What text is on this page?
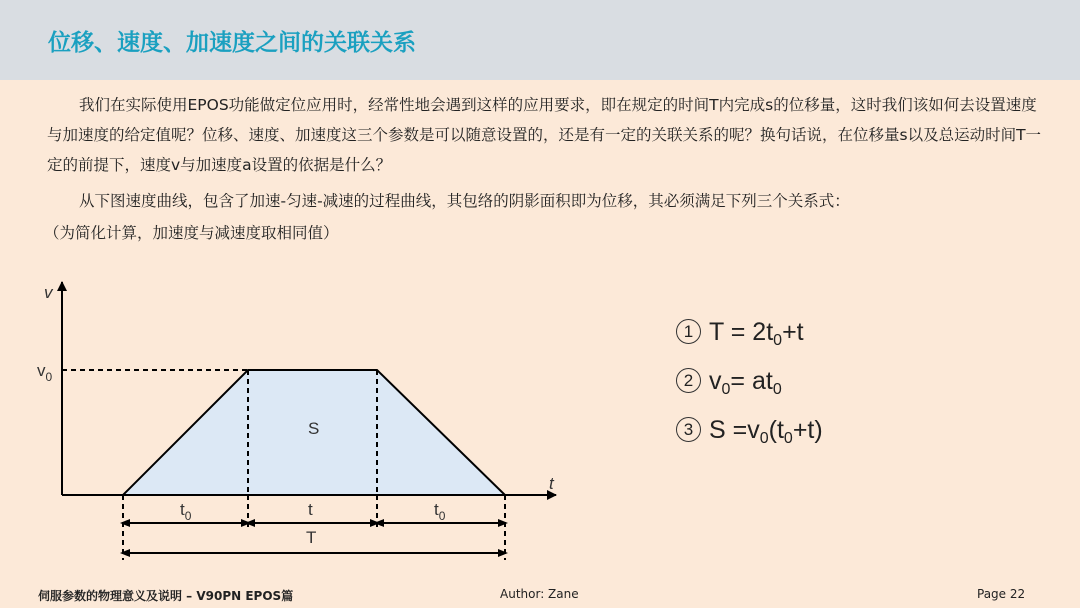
位移、速度、加速度之间的关联关系
我们在实际使用EPOS功能做定位应用时，经常性地会遇到这样的应用要求，即在规定的时间T内完成s的位移量，这时我们该如何去设置速度与加速度的给定值呢？位移、速度、加速度这三个参数是可以随意设置的，还是有一定的关联关系的呢？换句话说，在位移量s以及总运动时间T一定的前提下，速度v与加速度a设置的依据是什么？
从下图速度曲线，包含了加速-匀速-减速的过程曲线，其包络的阴影面积即为位移，其必须满足下列三个关系式：
（为简化计算，加速度与减速度取相同值）
v
t
$v_0$
S
$t_0$	t	$t_0$
T
1 $T = 2t_0+t$
2 $v_0= at_0$
3 $S =v_0(t_0+t)$
伺服参数的物理意义及说明 – V90PN EPOS篇	Author: Zane	Page 22
